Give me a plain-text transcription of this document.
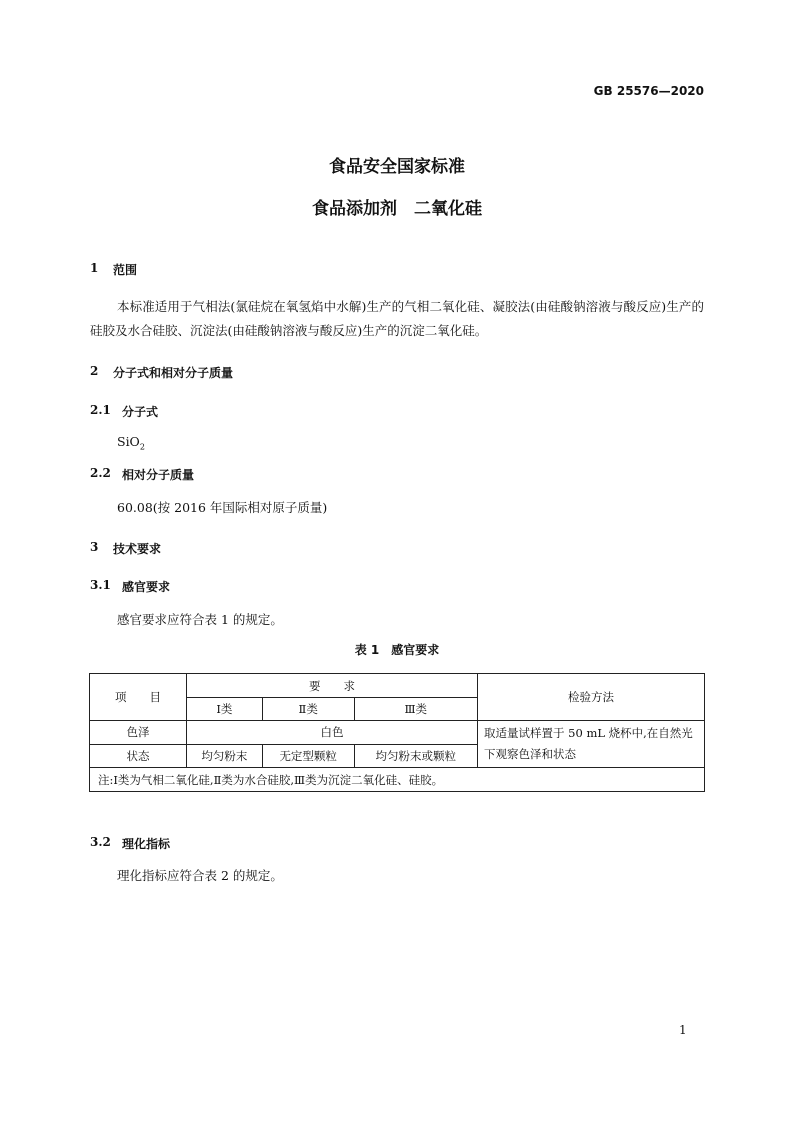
GB 25576—2020
食品安全国家标准
食品添加剂　二氧化硅
1 范围
本标准适用于气相法(氯硅烷在氧氢焰中水解)生产的气相二氧化硅、凝胶法(由硅酸钠溶液与酸反应)生产的硅胶及水合硅胶、沉淀法(由硅酸钠溶液与酸反应)生产的沉淀二氧化硅。
2 分子式和相对分子质量
2.1 分子式
SiO$_2$
2.2 相对分子质量
60.08(按 2016 年国际相对原子质量)
3 技术要求
3.1 感官要求
感官要求应符合表 1 的规定。
表 1　感官要求
项　　目	要　　求			检验方法
	Ⅰ类	Ⅱ类	Ⅲ类	
色泽	白色			取适量试样置于 50 mL 烧杯中,在自然光下观察色泽和状态
状态	均匀粉末	无定型颗粒	均匀粉末或颗粒	
注:Ⅰ类为气相二氧化硅,Ⅱ类为水合硅胶,Ⅲ类为沉淀二氧化硅、硅胶。				
3.2 理化指标
理化指标应符合表 2 的规定。
1
